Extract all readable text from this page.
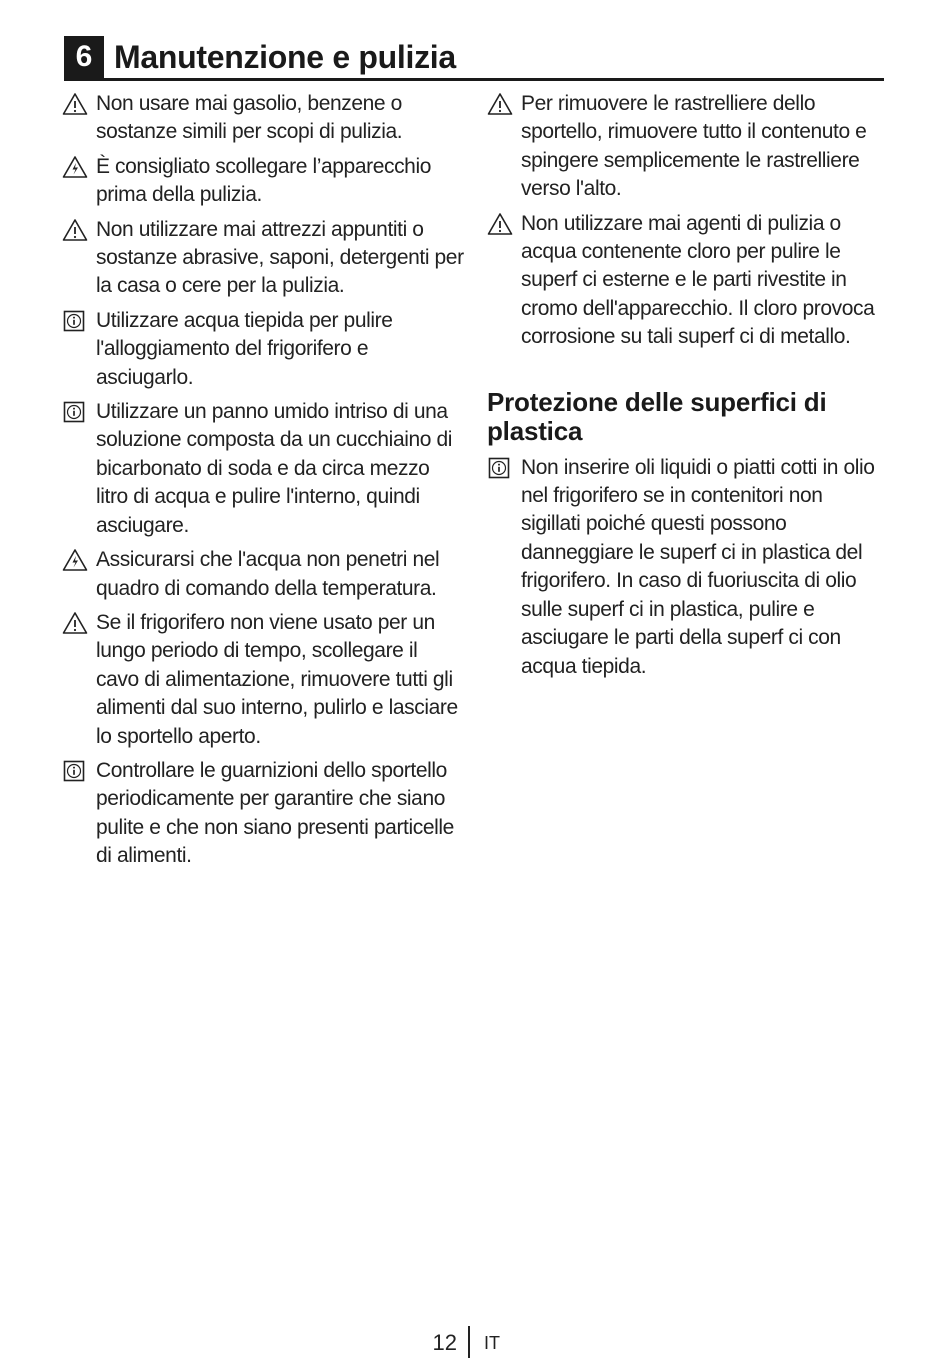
6 Manutenzione e pulizia
Non usare mai gasolio, benzene o sostanze simili per scopi di pulizia.
È consigliato scollegare l’apparecchio prima della pulizia.
Non utilizzare mai attrezzi appuntiti o sostanze abrasive, saponi, detergenti per la casa o cere per la pulizia.
Utilizzare acqua tiepida per pulire l'alloggiamento del frigorifero e asciugarlo.
Utilizzare un panno umido intriso di una soluzione composta da un cucchiaino di bicarbonato di soda e da circa mezzo litro di acqua e pulire l'interno, quindi asciugare.
Assicurarsi che l'acqua non penetri nel quadro di comando della temperatura.
Se il frigorifero non viene usato per un lungo periodo di tempo, scollegare il cavo di alimentazione, rimuovere tutti gli alimenti dal suo interno, pulirlo e lasciare lo sportello aperto.
Controllare le guarnizioni dello sportello periodicamente per garantire che siano pulite e che non siano presenti particelle di alimenti.
Per rimuovere le rastrelliere dello sportello, rimuovere tutto il contenuto e spingere semplicemente le rastrelliere verso l'alto.
Non utilizzare mai agenti di pulizia o acqua contenente cloro per pulire le superf ci esterne e le parti rivestite in cromo dell'apparecchio. Il cloro provoca corrosione su tali superf ci di metallo.
Protezione delle superfici di plastica
Non inserire oli liquidi o piatti cotti in olio nel frigorifero se in contenitori non sigillati poiché questi possono danneggiare le superf ci in plastica del frigorifero. In caso di fuoriuscita di olio sulle superf ci in plastica, pulire e asciugare le parti della superf ci con acqua tiepida.
12 IT
